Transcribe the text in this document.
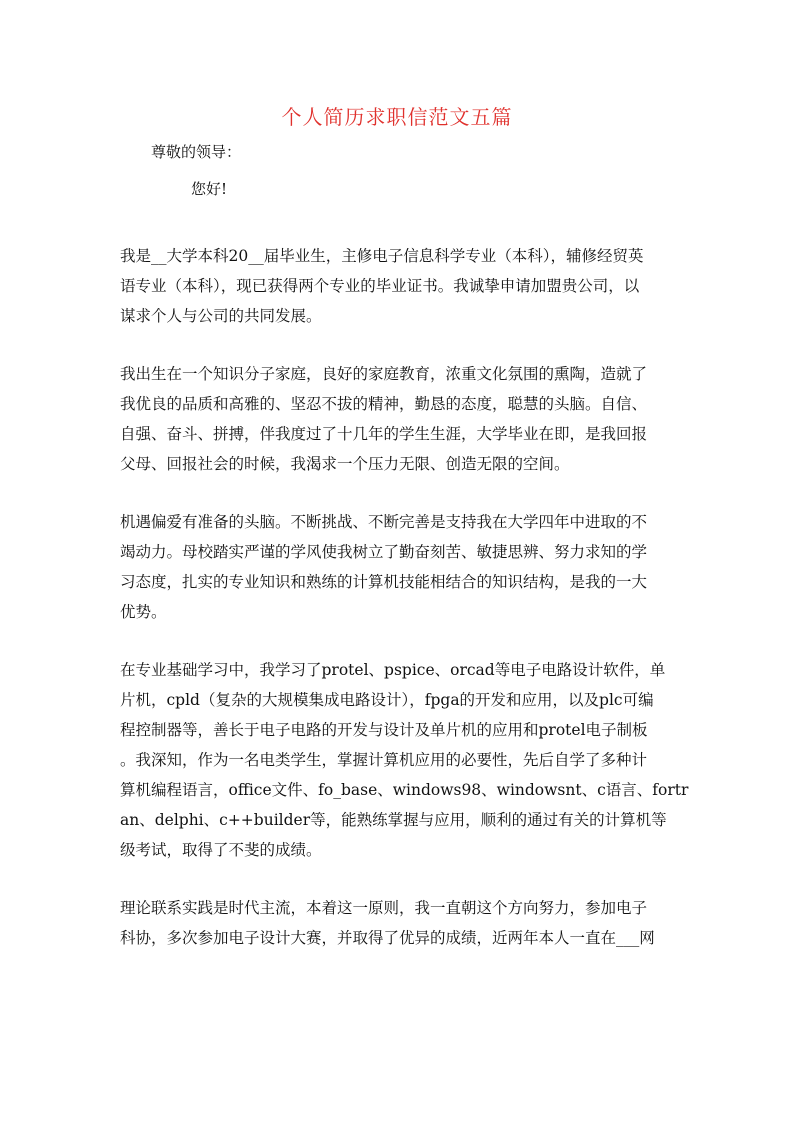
个人简历求职信范文五篇
尊敬的领导：
您好!
我是__大学本科20__届毕业生，主修电子信息科学专业（本科），辅修经贸英
语专业（本科），现已获得两个专业的毕业证书。我诚挚申请加盟贵公司，以
谋求个人与公司的共同发展。
我出生在一个知识分子家庭，良好的家庭教育，浓重文化氛围的熏陶，造就了
我优良的品质和高雅的、坚忍不拔的精神，勤恳的态度，聪慧的头脑。自信、
自强、奋斗、拼搏，伴我度过了十几年的学生生涯，大学毕业在即，是我回报
父母、回报社会的时候，我渴求一个压力无限、创造无限的空间。
机遇偏爱有准备的头脑。不断挑战、不断完善是支持我在大学四年中进取的不
竭动力。母校踏实严谨的学风使我树立了勤奋刻苦、敏捷思辨、努力求知的学
习态度，扎实的专业知识和熟练的计算机技能相结合的知识结构，是我的一大
优势。
在专业基础学习中，我学习了protel、pspice、orcad等电子电路设计软件，单
片机，cpld（复杂的大规模集成电路设计），fpga的开发和应用，以及plc可编
程控制器等，善长于电子电路的开发与设计及单片机的应用和protel电子制板
。我深知，作为一名电类学生，掌握计算机应用的必要性，先后自学了多种计
算机编程语言，office文件、fo_base、windows98、windowsnt、c语言、fortr
an、delphi、c++builder等，能熟练掌握与应用，顺利的通过有关的计算机等
级考试，取得了不斐的成绩。
理论联系实践是时代主流，本着这一原则，我一直朝这个方向努力，参加电子
科协，多次参加电子设计大赛，并取得了优异的成绩，近两年本人一直在___网
